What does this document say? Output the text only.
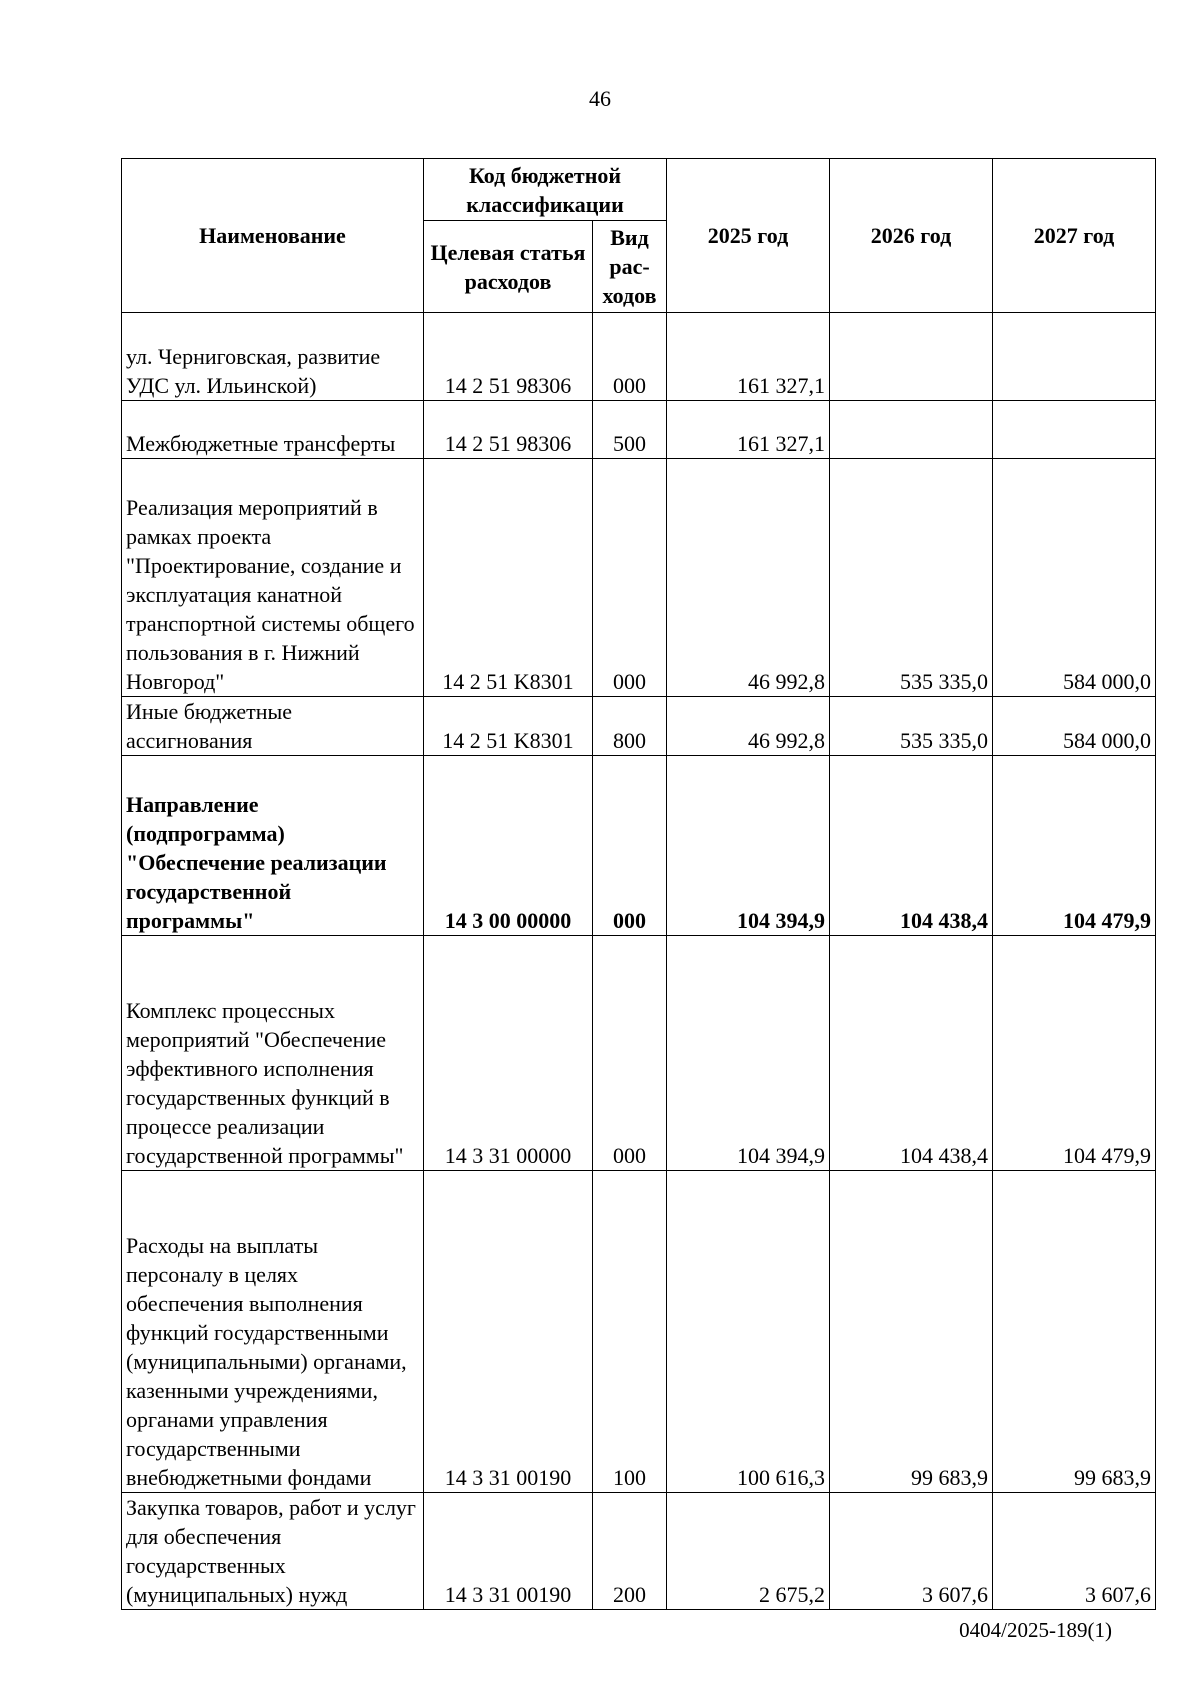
46
Наименование	Код бюджетной классификации		2025 год	2026 год	2027 год
	Целевая статья расходов	Вид рас-ходов			
ул. Черниговская, развитие УДС ул. Ильинской)	14 2 51 98306	000	161 327,1		
Межбюджетные трансферты	14 2 51 98306	500	161 327,1		
Реализация мероприятий в рамках проекта "Проектирование, создание и эксплуатация канатной транспортной системы общего пользования в г. Нижний Новгород"	14 2 51 K8301	000	46 992,8	535 335,0	584 000,0
Иные бюджетные ассигнования	14 2 51 K8301	800	46 992,8	535 335,0	584 000,0
Направление (подпрограмма) "Обеспечение реализации государственной программы"	14 3 00 00000	000	104 394,9	104 438,4	104 479,9
Комплекс процессных мероприятий "Обеспечение эффективного исполнения государственных функций в процессе реализации государственной программы"	14 3 31 00000	000	104 394,9	104 438,4	104 479,9
Расходы на выплаты персоналу в целях обеспечения выполнения функций государственными (муниципальными) органами, казенными учреждениями, органами управления государственными внебюджетными фондами	14 3 31 00190	100	100 616,3	99 683,9	99 683,9
Закупка товаров, работ и услуг для обеспечения государственных (муниципальных) нужд	14 3 31 00190	200	2 675,2	3 607,6	3 607,6
0404/2025-189(1)
